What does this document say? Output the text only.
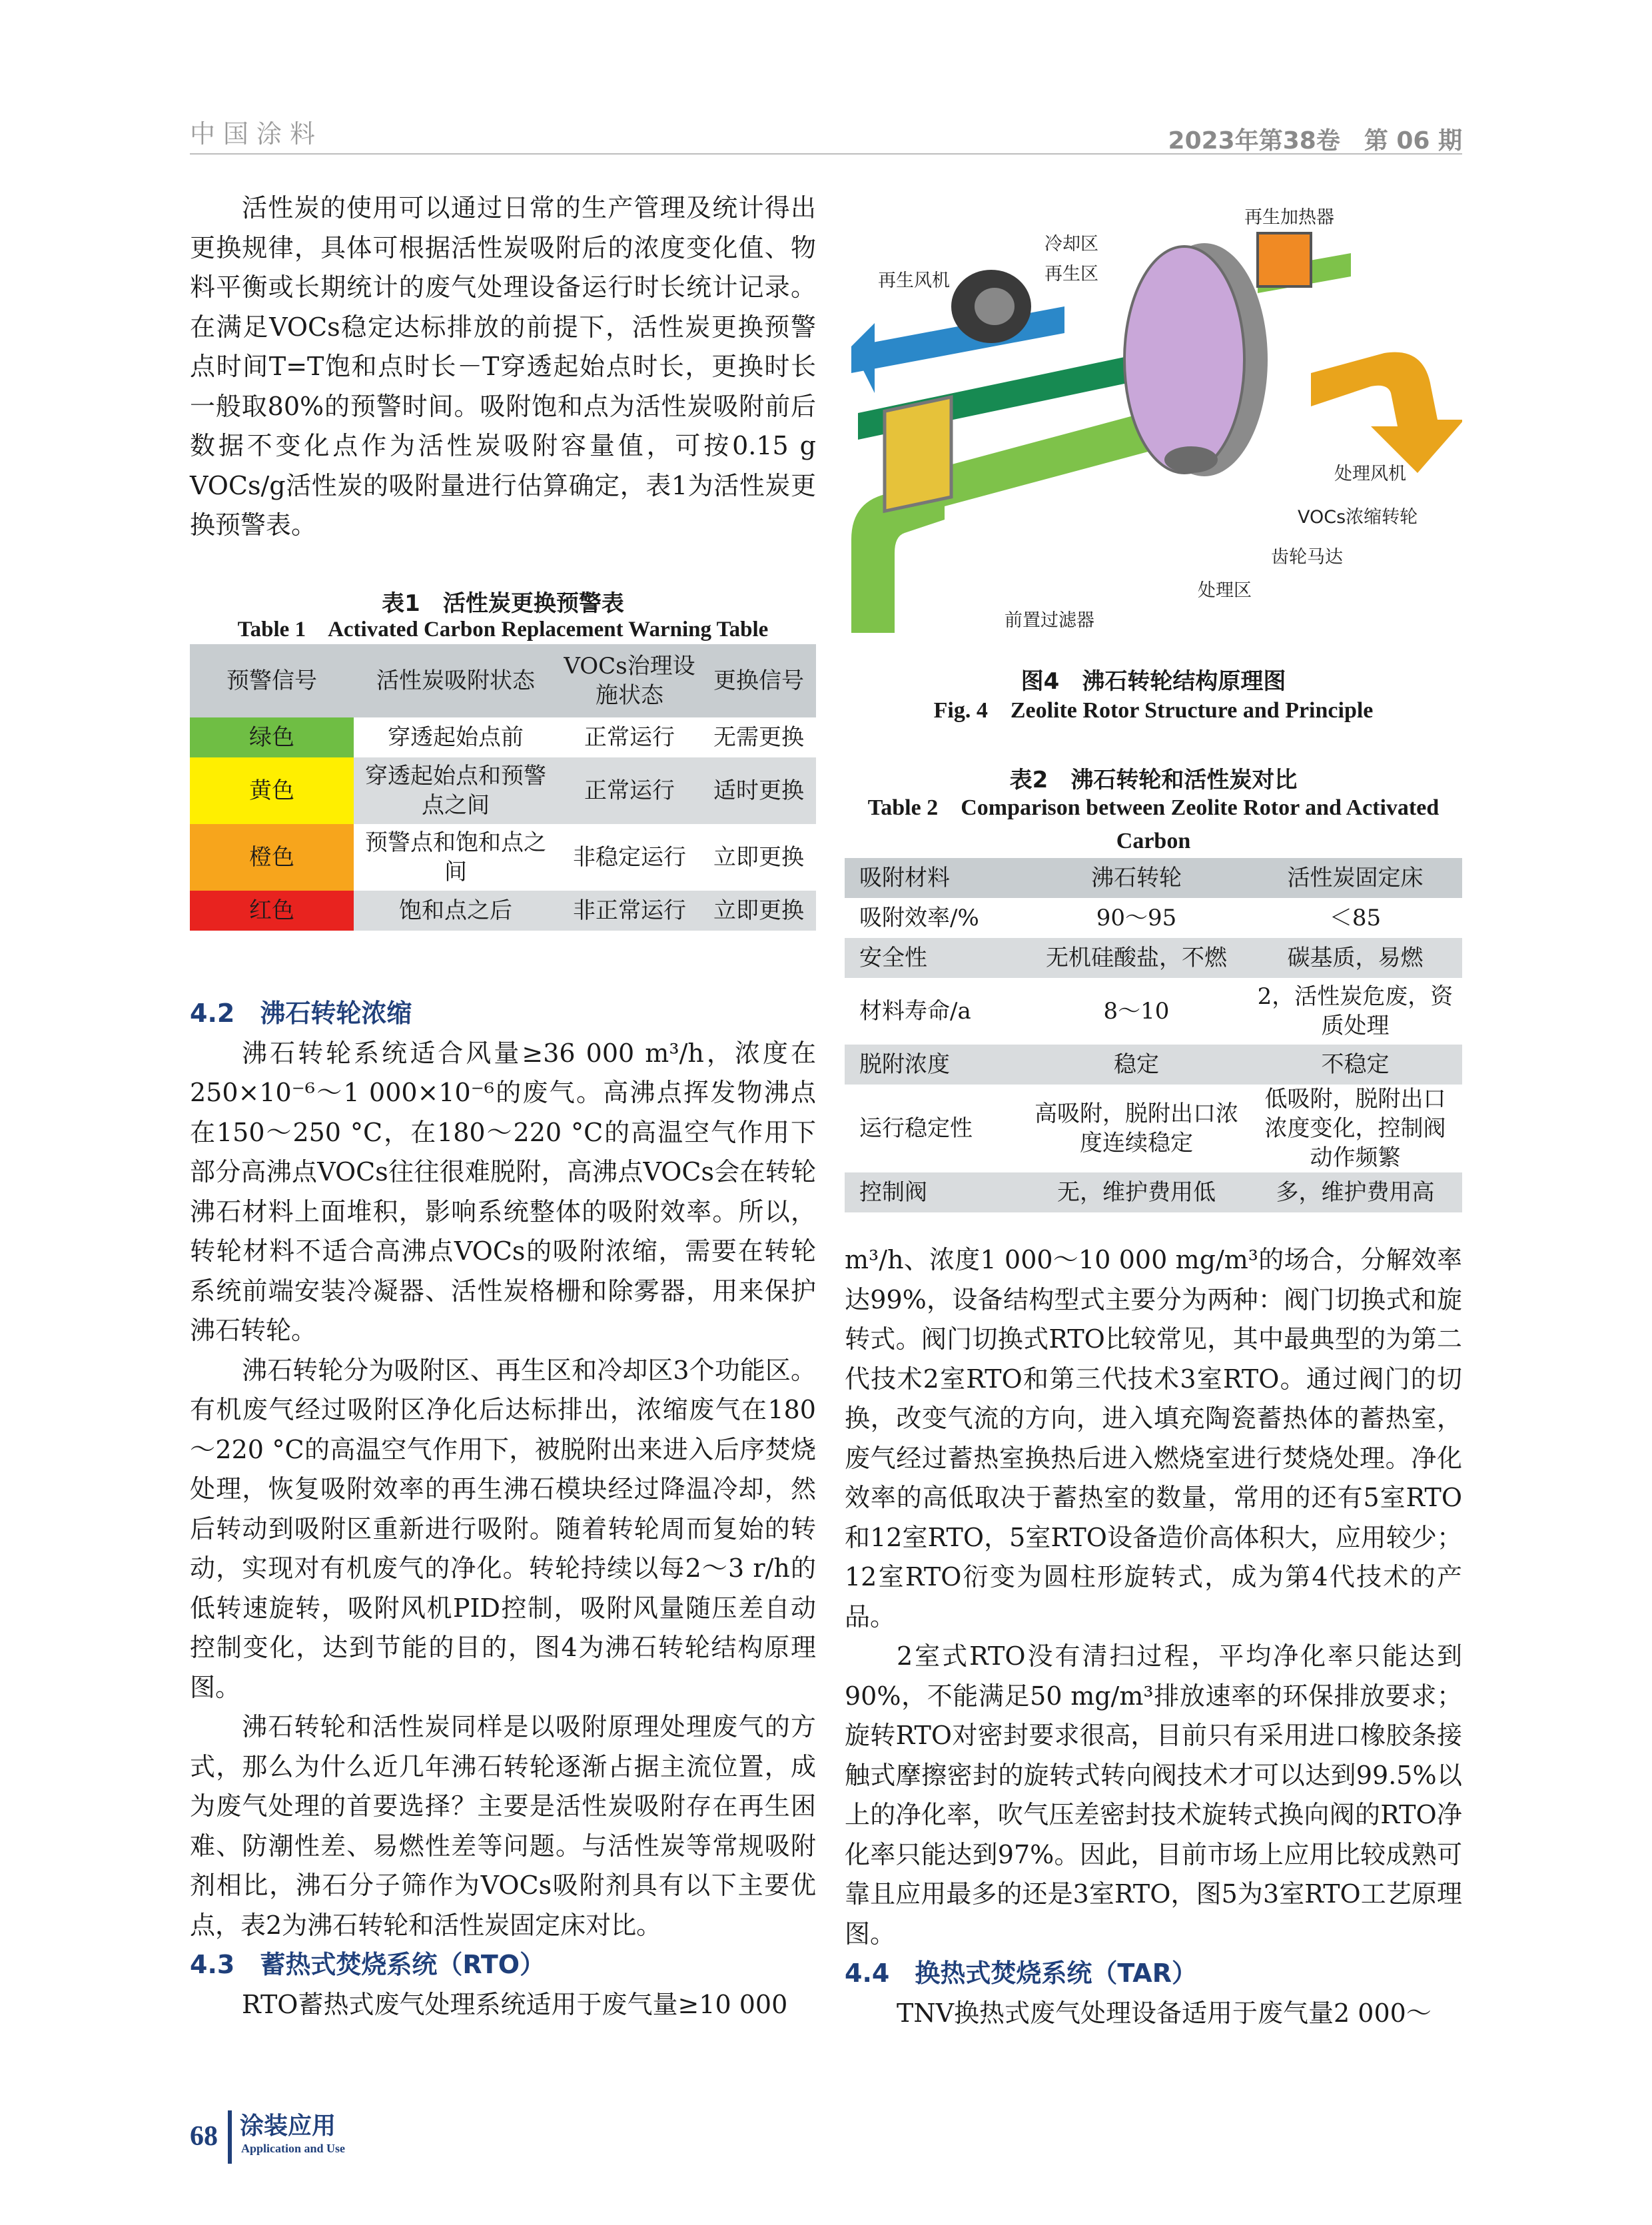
中国涂料	2023年第38卷　第 06 期

活性炭的使用可以通过日常的生产管理及统计得出更换规律，具体可根据活性炭吸附后的浓度变化值、物料平衡或长期统计的废气处理设备运行时长统计记录。在满足VOCs稳定达标排放的前提下，活性炭更换预警点时间T=T饱和点时长－T穿透起始点时长，更换时长一般取80%的预警时间。吸附饱和点为活性炭吸附前后数据不变化点作为活性炭吸附容量值，可按0.15 g VOCs/g活性炭的吸附量进行估算确定，表1为活性炭更换预警表。

表1　活性炭更换预警表
Table 1　Activated Carbon Replacement Warning Table
预警信号	活性炭吸附状态	VOCs治理设施状态	更换信号
绿色	穿透起始点前	正常运行	无需更换
黄色	穿透起始点和预警点之间	正常运行	适时更换
橙色	预警点和饱和点之间	非稳定运行	立即更换
红色	饱和点之后	非正常运行	立即更换
4.2　沸石转轮浓缩

沸石转轮系统适合风量≥36 000 m³/h，浓度在250×10⁻⁶～1 000×10⁻⁶的废气。高沸点挥发物沸点在150～250 °C，在180～220 °C的高温空气作用下部分高沸点VOCs往往很难脱附，高沸点VOCs会在转轮沸石材料上面堆积，影响系统整体的吸附效率。所以，转轮材料不适合高沸点VOCs的吸附浓缩，需要在转轮系统前端安装冷凝器、活性炭格栅和除雾器，用来保护沸石转轮。

沸石转轮分为吸附区、再生区和冷却区3个功能区。有机废气经过吸附区净化后达标排出，浓缩废气在180～220 °C的高温空气作用下，被脱附出来进入后序焚烧处理，恢复吸附效率的再生沸石模块经过降温冷却，然后转动到吸附区重新进行吸附。随着转轮周而复始的转动，实现对有机废气的净化。转轮持续以每2～3 r/h的低转速旋转，吸附风机PID控制，吸附风量随压差自动控制变化，达到节能的目的，图4为沸石转轮结构原理图。

沸石转轮和活性炭同样是以吸附原理处理废气的方式，那么为什么近几年沸石转轮逐渐占据主流位置，成为废气处理的首要选择？主要是活性炭吸附存在再生困难、防潮性差、易燃性差等问题。与活性炭等常规吸附剂相比，沸石分子筛作为VOCs吸附剂具有以下主要优点，表2为沸石转轮和活性炭固定床对比。

4.3　蓄热式焚烧系统（RTO）

RTO蓄热式废气处理系统适用于废气量≥10 000

再生加热器
冷却区
再生风机	再生区
处理风机
VOCs浓缩转轮
齿轮马达
处理区
前置过滤器
图4　沸石转轮结构原理图
Fig. 4　Zeolite Rotor Structure and Principle
表2　沸石转轮和活性炭对比
Table 2　Comparison between Zeolite Rotor and Activated Carbon
吸附材料	沸石转轮	活性炭固定床
吸附效率/%	90～95	＜85
安全性	无机硅酸盐，不燃	碳基质，易燃
材料寿命/a	8～10	2，活性炭危废，资质处理
脱附浓度	稳定	不稳定
运行稳定性	高吸附，脱附出口浓度连续稳定	低吸附，脱附出口浓度变化，控制阀动作频繁
控制阀	无，维护费用低	多，维护费用高

m³/h、浓度1 000～10 000 mg/m³的场合，分解效率达99%，设备结构型式主要分为两种：阀门切换式和旋转式。阀门切换式RTO比较常见，其中最典型的为第二代技术2室RTO和第三代技术3室RTO。通过阀门的切换，改变气流的方向，进入填充陶瓷蓄热体的蓄热室，废气经过蓄热室换热后进入燃烧室进行焚烧处理。净化效率的高低取决于蓄热室的数量，常用的还有5室RTO和12室RTO，5室RTO设备造价高体积大，应用较少；12室RTO衍变为圆柱形旋转式，成为第4代技术的产品。

2室式RTO没有清扫过程，平均净化率只能达到90%，不能满足50 mg/m³排放速率的环保排放要求；旋转RTO对密封要求很高，目前只有采用进口橡胶条接触式摩擦密封的旋转式转向阀技术才可以达到99.5%以上的净化率，吹气压差密封技术旋转式换向阀的RTO净化率只能达到97%。因此，目前市场上应用比较成熟可靠且应用最多的还是3室RTO，图5为3室RTO工艺原理图。

4.4　换热式焚烧系统（TAR）

TNV换热式废气处理设备适用于废气量2 000～

68 涂装应用
Application and Use
